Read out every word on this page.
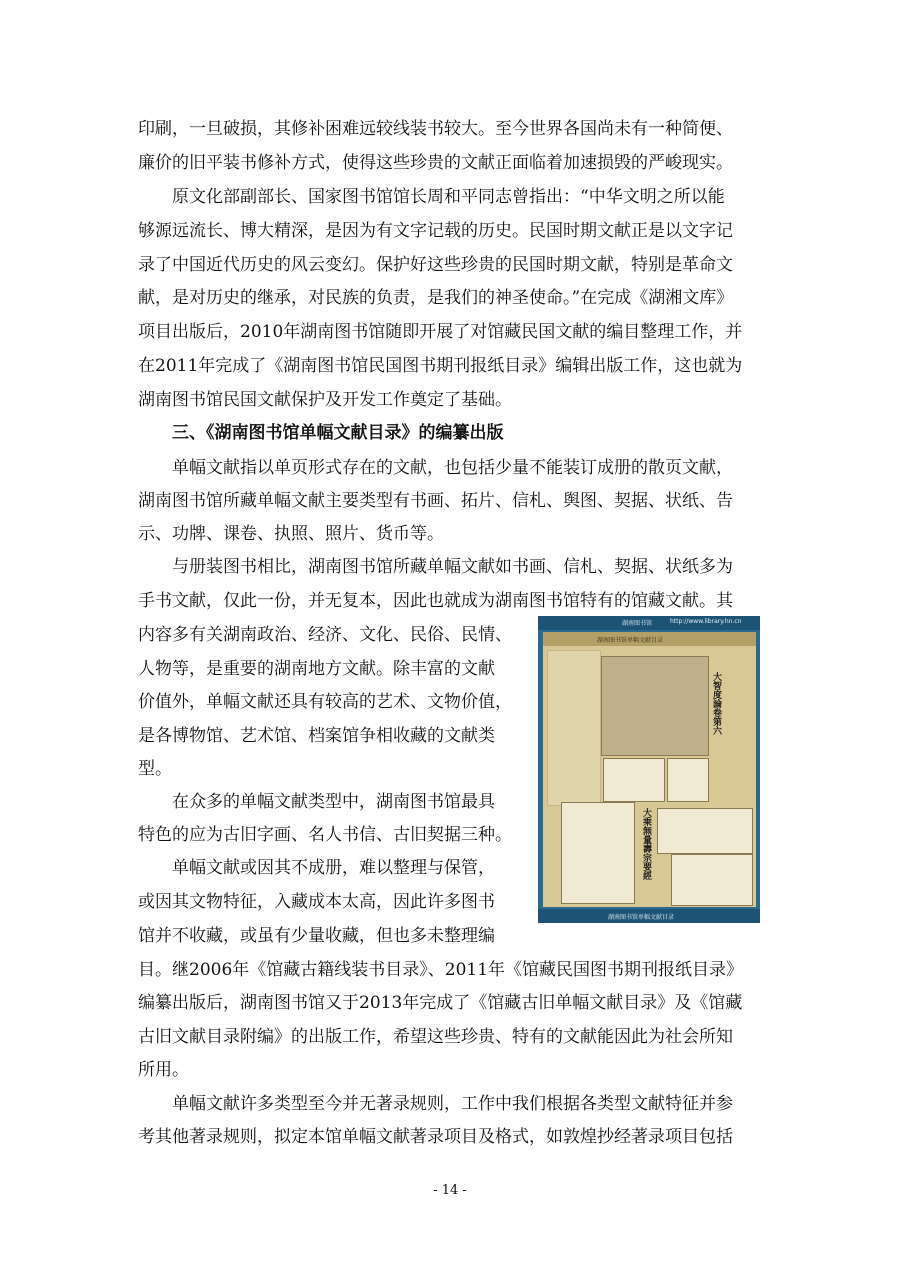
印刷，一旦破损，其修补困难远较线装书较大。至今世界各国尚未有一种简便、
廉价的旧平装书修补方式，使得这些珍贵的文献正面临着加速损毁的严峻现实。
原文化部副部长、国家图书馆馆长周和平同志曾指出：“中华文明之所以能
够源远流长、博大精深，是因为有文字记载的历史。民国时期文献正是以文字记
录了中国近代历史的风云变幻。保护好这些珍贵的民国时期文献，特别是革命文
献，是对历史的继承，对民族的负责，是我们的神圣使命。”在完成《湖湘文库》
项目出版后，2010年湖南图书馆随即开展了对馆藏民国文献的编目整理工作，并
在2011年完成了《湖南图书馆民国图书期刊报纸目录》编辑出版工作，这也就为
湖南图书馆民国文献保护及开发工作奠定了基础。
三、《湖南图书馆单幅文献目录》的编纂出版
单幅文献指以单页形式存在的文献，也包括少量不能装订成册的散页文献，
湖南图书馆所藏单幅文献主要类型有书画、拓片、信札、舆图、契据、状纸、告
示、功牌、课卷、执照、照片、货币等。
与册装图书相比，湖南图书馆所藏单幅文献如书画、信札、契据、状纸多为
手书文献，仅此一份，并无复本，因此也就成为湖南图书馆特有的馆藏文献。其
内容多有关湖南政治、经济、文化、民俗、民情、
人物等，是重要的湖南地方文献。除丰富的文献
价值外，单幅文献还具有较高的艺术、文物价值，
是各博物馆、艺术馆、档案馆争相收藏的文献类
型。
在众多的单幅文献类型中，湖南图书馆最具
特色的应为古旧字画、名人书信、古旧契据三种。
单幅文献或因其不成册，难以整理与保管，
或因其文物特征，入藏成本太高，因此许多图书
馆并不收藏，或虽有少量收藏，但也多未整理编
目。继2006年《馆藏古籍线装书目录》、2011年《馆藏民国图书期刊报纸目录》
编纂出版后，湖南图书馆又于2013年完成了《馆藏古旧单幅文献目录》及《馆藏
古旧文献目录附编》的出版工作，希望这些珍贵、特有的文献能因此为社会所知
所用。
单幅文献许多类型至今并无著录规则，工作中我们根据各类型文献特征并参
考其他著录规则，拟定本馆单幅文献著录项目及格式，如敦煌抄经著录项目包括
湖南图书馆	http://www.library.hn.cn
湖南图书馆单幅文献目录
大智度論卷第六
大乘無量壽宗要經
湖南图书馆单幅文献目录
- 14 -
